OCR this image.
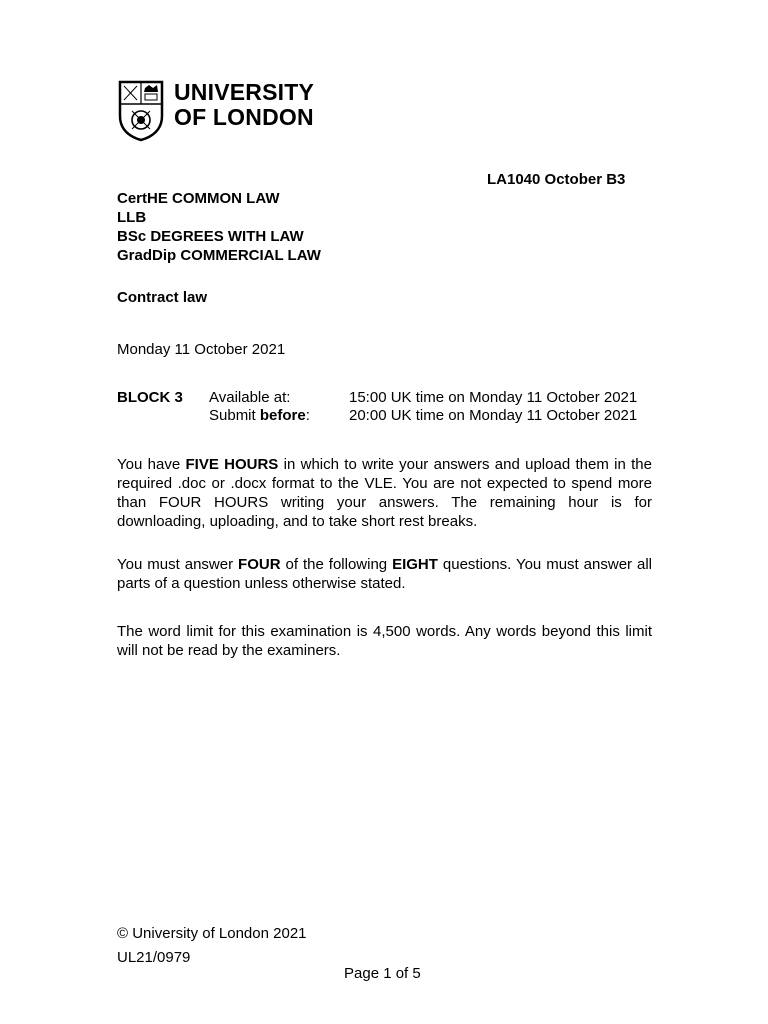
UNIVERSITY
OF LONDON
LA1040 October B3
CertHE COMMON LAW
LLB
BSc DEGREES WITH LAW
GradDip COMMERCIAL LAW
Contract law
Monday 11 October 2021
BLOCK 3 Available at:
Submit before:
15:00 UK time on Monday 11 October 2021
20:00 UK time on Monday 11 October 2021
You have FIVE HOURS in which to write your answers and upload them in the required .doc or .docx format to the VLE. You are not expected to spend more than FOUR HOURS writing your answers. The remaining hour is for downloading, uploading, and to take short rest breaks.
You must answer FOUR of the following EIGHT questions. You must answer all parts of a question unless otherwise stated.
The word limit for this examination is 4,500 words. Any words beyond this limit will not be read by the examiners.
© University of London 2021
UL21/0979
Page 1 of 5
